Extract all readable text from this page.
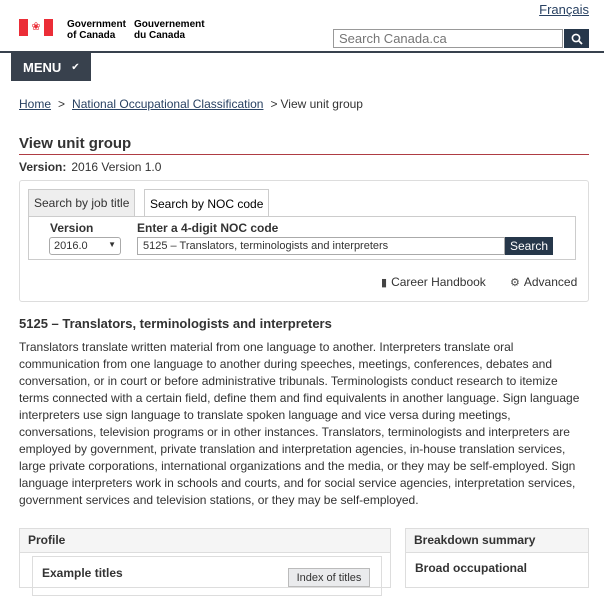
Français
❀	Government of Canada
Gouvernement du Canada
Search Canada.ca
MENU ✔
Home > National Occupational Classification > View unit group
View unit group
Version: 2016 Version 1.0
Search by job title	Search by NOC code
Version	Enter a 4-digit NOC code
2016.0	▼	5125 – Translators, terminologists and interpreters	Search
▮ Career Handbook ⚙ Advanced
5125 – Translators, terminologists and interpreters

Translators translate written material from one language to another. Interpreters translate oral communication from one language to another during speeches, meetings, conferences, debates and conversation, or in court or before administrative tribunals. Terminologists conduct research to itemize terms connected with a certain field, define them and find equivalents in another language. Sign language interpreters use sign language to translate spoken language and vice versa during meetings, conversations, television programs or in other instances. Translators, terminologists and interpreters are employed by government, private translation and interpretation agencies, in-house translation services, large private corporations, international organizations and the media, or they may be self-employed. Sign language interpreters work in schools and courts, and for social service agencies, interpretation services, government services and television stations, or they may be self-employed.

Profile
Example titles	Index of titles
Breakdown summary
Broad occupational
